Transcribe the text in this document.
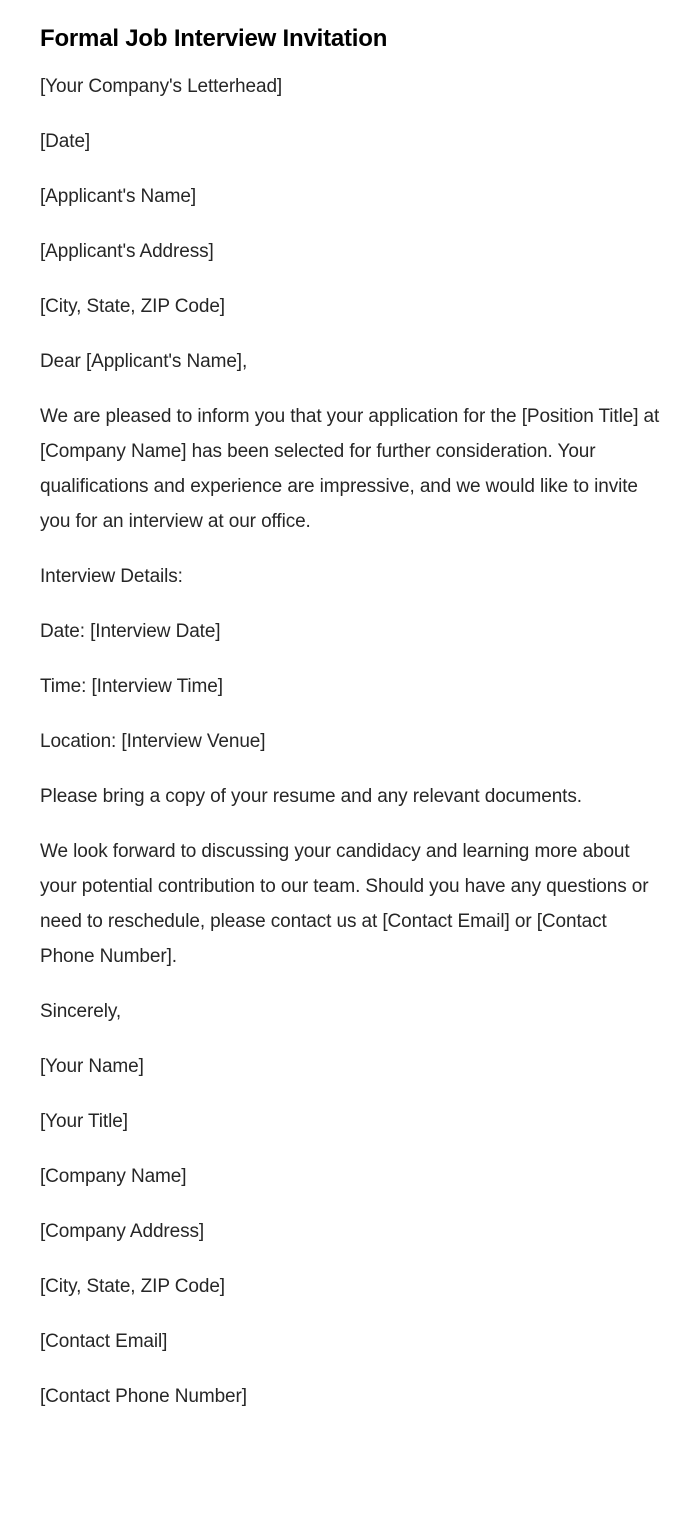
Formal Job Interview Invitation

[Your Company's Letterhead]

[Date]

[Applicant's Name]

[Applicant's Address]

[City, State, ZIP Code]

Dear [Applicant's Name],

We are pleased to inform you that your application for the [Position Title] at [Company Name] has been selected for further consideration. Your qualifications and experience are impressive, and we would like to invite you for an interview at our office.

Interview Details:

Date: [Interview Date]

Time: [Interview Time]

Location: [Interview Venue]

Please bring a copy of your resume and any relevant documents.

We look forward to discussing your candidacy and learning more about your potential contribution to our team. Should you have any questions or need to reschedule, please contact us at [Contact Email] or [Contact Phone Number].

Sincerely,

[Your Name]

[Your Title]

[Company Name]

[Company Address]

[City, State, ZIP Code]

[Contact Email]

[Contact Phone Number]
